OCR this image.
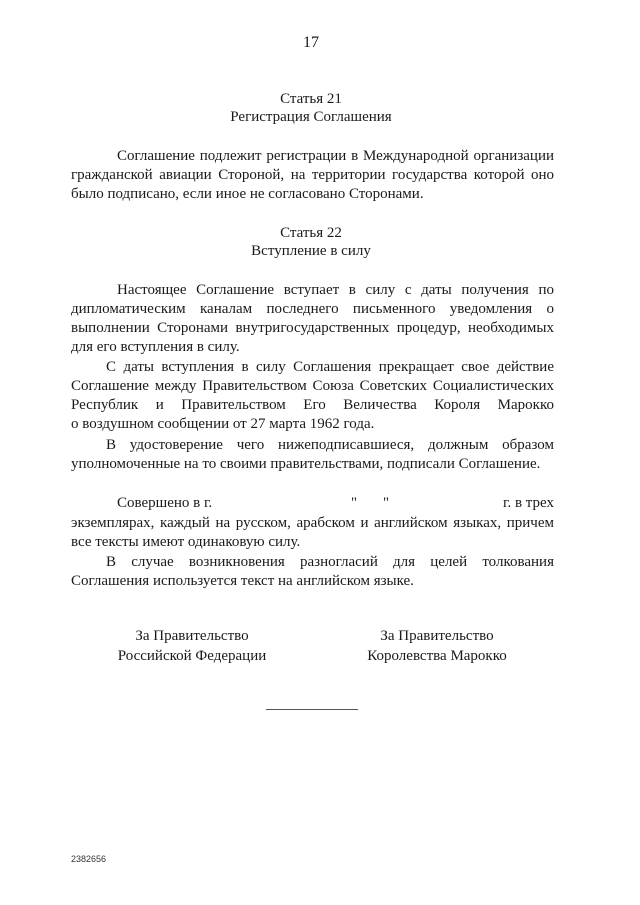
17
Статья 21
Регистрация Соглашения
Соглашение подлежит регистрации в Международной организации
гражданской авиации Стороной, на территории государства которой оно
было подписано, если иное не согласовано Сторонами.
Статья 22
Вступление в силу
Настоящее Соглашение вступает в силу с даты получения по
дипломатическим каналам последнего письменного уведомления о
выполнении Сторонами внутригосударственных процедур, необходимых
для его вступления в силу.
С даты вступления в силу Соглашения прекращает свое действие
Соглашение между Правительством Союза Советских Социалистических
Республик и Правительством Его Величества Короля Марокко
о воздушном сообщении от 27 марта 1962 года.
В удостоверение чего нижеподписавшиеся, должным образом
уполномоченные на то своими правительствами, подписали Соглашение.
Совершено в г.	" "	г. в трех
экземплярах, каждый на русском, арабском и английском языках, причем
все тексты имеют одинаковую силу.
В случае возникновения разногласий для целей толкования
Соглашения используется текст на английском языке.
За Правительство
Российской Федерации
За Правительство
Королевства Марокко
2382656
